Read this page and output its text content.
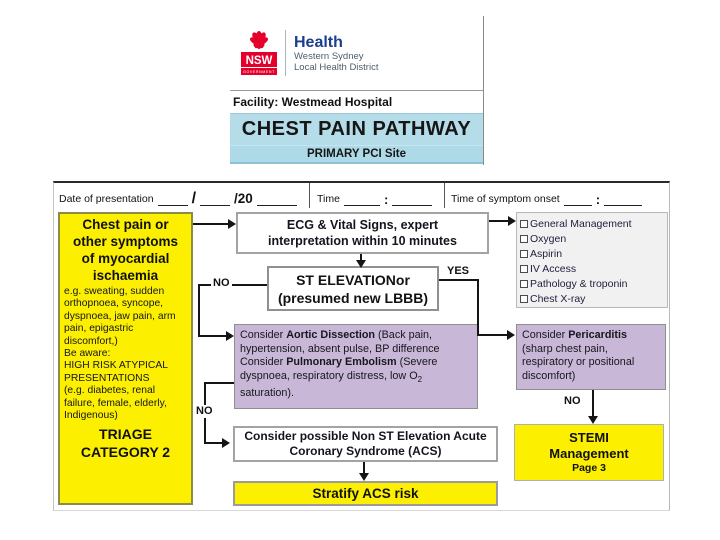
NSW
GOVERNMENT
Health
Western Sydney
Local Health District
Facility: Westmead Hospital
CHEST PAIN PATHWAY
PRIMARY PCI Site
Date of presentation /	/20	Time	:	Time of symptom onset	:
Chest pain or other symptoms of myocardial ischaemia
e.g. sweating, sudden orthopnoea, syncope, dyspnoea, jaw pain, arm pain, epigastric discomfort,)
Be aware:
HIGH RISK ATYPICAL PRESENTATIONS
(e.g. diabetes, renal failure, female, elderly, Indigenous)
TRIAGE CATEGORY 2
ECG & Vital Signs, expert
interpretation within 10 minutes
General Management
Oxygen
Aspirin
IV Access
Pathology & troponin
Chest X-ray
ST ELEVATIONor
(presumed new LBBB)
Consider Aortic Dissection (Back pain, hypertension, absent pulse, BP difference
Consider Pulmonary Embolism (Severe dyspnoea, respiratory distress, low $O_2$ saturation).
Consider Pericarditis (sharp chest pain, respiratory or positional discomfort)
Consider possible Non ST Elevation Acute
Coronary Syndrome (ACS)
Stratify ACS risk
STEMI
Management
Page 3
NO
YES
NO
NO
